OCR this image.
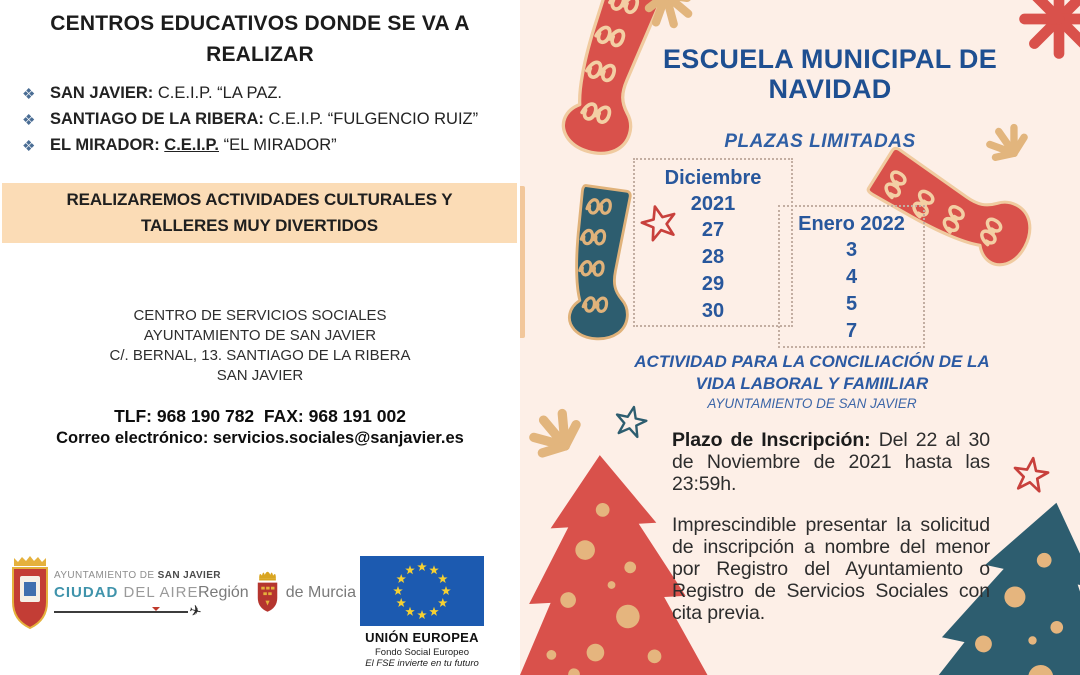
CENTROS EDUCATIVOS DONDE SE VA A REALIZAR
❖ SAN JAVIER: C.E.I.P. “LA PAZ.
❖ SANTIAGO DE LA RIBERA: C.E.I.P. “FULGENCIO RUIZ”
❖ EL MIRADOR: C.E.I.P. “EL MIRADOR”
REALIZAREMOS ACTIVIDADES CULTURALES Y TALLERES MUY DIVERTIDOS
CENTRO DE SERVICIOS SOCIALES
AYUNTAMIENTO DE SAN JAVIER
C/. BERNAL, 13. SANTIAGO DE LA RIBERA
SAN JAVIER
TLF: 968 190 782  FAX: 968 191 002
Correo electrónico: servicios.sociales@sanjavier.es
AYUNTAMIENTO DE SAN JAVIER
CIUDAD DEL AIRE
✈
Región de Murcia
UNIÓN EUROPEA
Fondo Social Europeo
El FSE invierte en tu futuro
ESCUELA MUNICIPAL DE NAVIDAD
PLAZAS LIMITADAS
Diciembre
2021
27
28
29
30
Enero 2022
3
4
5
7
ACTIVIDAD PARA LA CONCILIACIÓN DE LA
VIDA LABORAL Y FAMIILIAR
AYUNTAMIENTO DE SAN JAVIER

Plazo de Inscripción: Del 22 al 30 de Noviembre de 2021 hasta las 23:59h.

Imprescindible presentar la solicitud de inscripción a nombre del menor por Registro del Ayuntamiento o Registro de Servicios Sociales con cita previa.
